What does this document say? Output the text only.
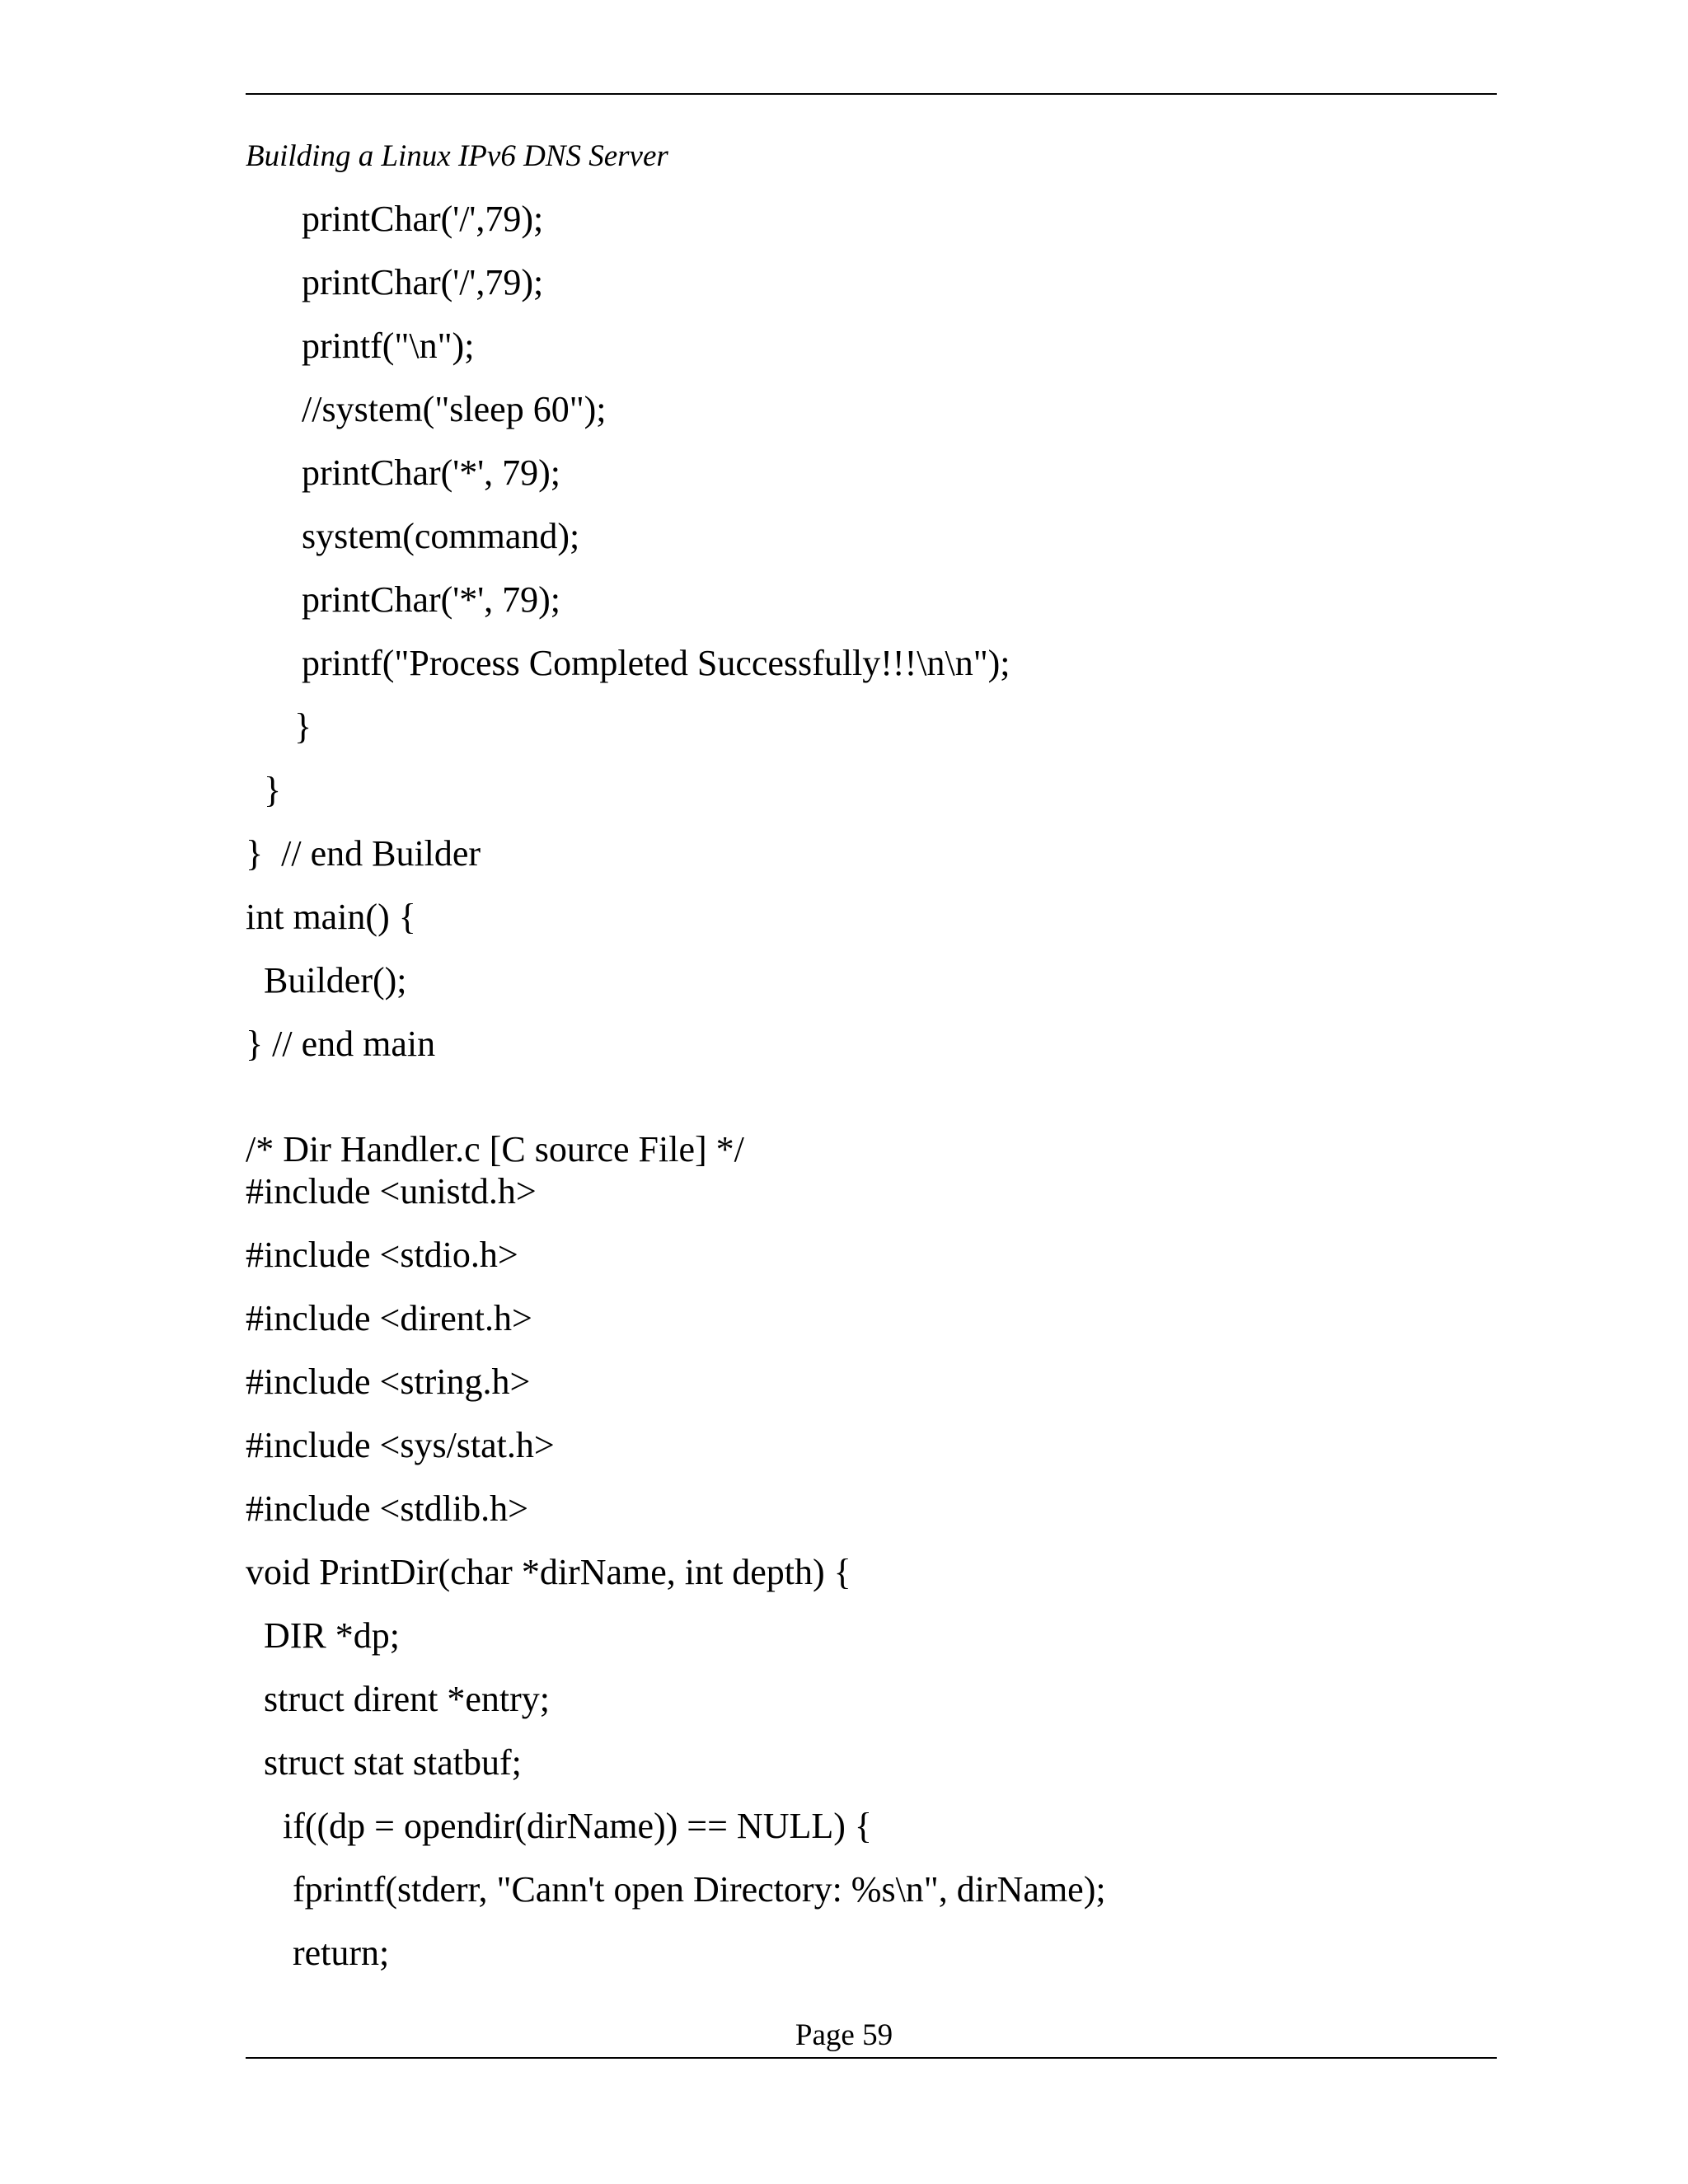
Building a Linux IPv6 DNS Server
printChar('/',79);
printChar('/',79);
printf("\n");
//system("sleep 60");
printChar('*', 79);
system(command);
printChar('*', 79);
printf("Process Completed Successfully!!!\n\n");
}
}
}  // end Builder
int main() {
Builder();
} // end main
/* Dir Handler.c [C source File] */
#include <unistd.h>
#include <stdio.h>
#include <dirent.h>
#include <string.h>
#include <sys/stat.h>
#include <stdlib.h>
void PrintDir(char *dirName, int depth) {
DIR *dp;
struct dirent *entry;
struct stat statbuf;
if((dp = opendir(dirName)) == NULL) {
fprintf(stderr, "Cann't open Directory: %s\n", dirName);
return;
Page 59
